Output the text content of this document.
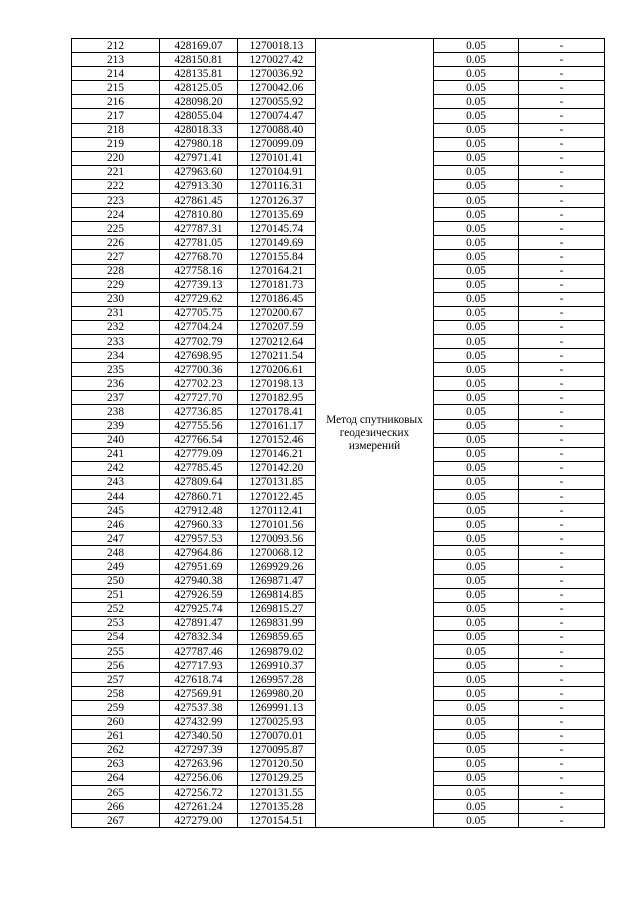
212	428169.07	1270018.13	Метод спутниковых геодезических измерений	0.05	-
213	428150.81	1270027.42		0.05	-
214	428135.81	1270036.92		0.05	-
215	428125.05	1270042.06		0.05	-
216	428098.20	1270055.92		0.05	-
217	428055.04	1270074.47		0.05	-
218	428018.33	1270088.40		0.05	-
219	427980.18	1270099.09		0.05	-
220	427971.41	1270101.41		0.05	-
221	427963.60	1270104.91		0.05	-
222	427913.30	1270116.31		0.05	-
223	427861.45	1270126.37		0.05	-
224	427810.80	1270135.69		0.05	-
225	427787.31	1270145.74		0.05	-
226	427781.05	1270149.69		0.05	-
227	427768.70	1270155.84		0.05	-
228	427758.16	1270164.21		0.05	-
229	427739.13	1270181.73		0.05	-
230	427729.62	1270186.45		0.05	-
231	427705.75	1270200.67		0.05	-
232	427704.24	1270207.59		0.05	-
233	427702.79	1270212.64		0.05	-
234	427698.95	1270211.54		0.05	-
235	427700.36	1270206.61		0.05	-
236	427702.23	1270198.13		0.05	-
237	427727.70	1270182.95		0.05	-
238	427736.85	1270178.41		0.05	-
239	427755.56	1270161.17		0.05	-
240	427766.54	1270152.46		0.05	-
241	427779.09	1270146.21		0.05	-
242	427785.45	1270142.20		0.05	-
243	427809.64	1270131.85		0.05	-
244	427860.71	1270122.45		0.05	-
245	427912.48	1270112.41		0.05	-
246	427960.33	1270101.56		0.05	-
247	427957.53	1270093.56		0.05	-
248	427964.86	1270068.12		0.05	-
249	427951.69	1269929.26		0.05	-
250	427940.38	1269871.47		0.05	-
251	427926.59	1269814.85		0.05	-
252	427925.74	1269815.27		0.05	-
253	427891.47	1269831.99		0.05	-
254	427832.34	1269859.65		0.05	-
255	427787.46	1269879.02		0.05	-
256	427717.93	1269910.37		0.05	-
257	427618.74	1269957.28		0.05	-
258	427569.91	1269980.20		0.05	-
259	427537.38	1269991.13		0.05	-
260	427432.99	1270025.93		0.05	-
261	427340.50	1270070.01		0.05	-
262	427297.39	1270095.87		0.05	-
263	427263.96	1270120.50		0.05	-
264	427256.06	1270129.25		0.05	-
265	427256.72	1270131.55		0.05	-
266	427261.24	1270135.28		0.05	-
267	427279.00	1270154.51		0.05	-
